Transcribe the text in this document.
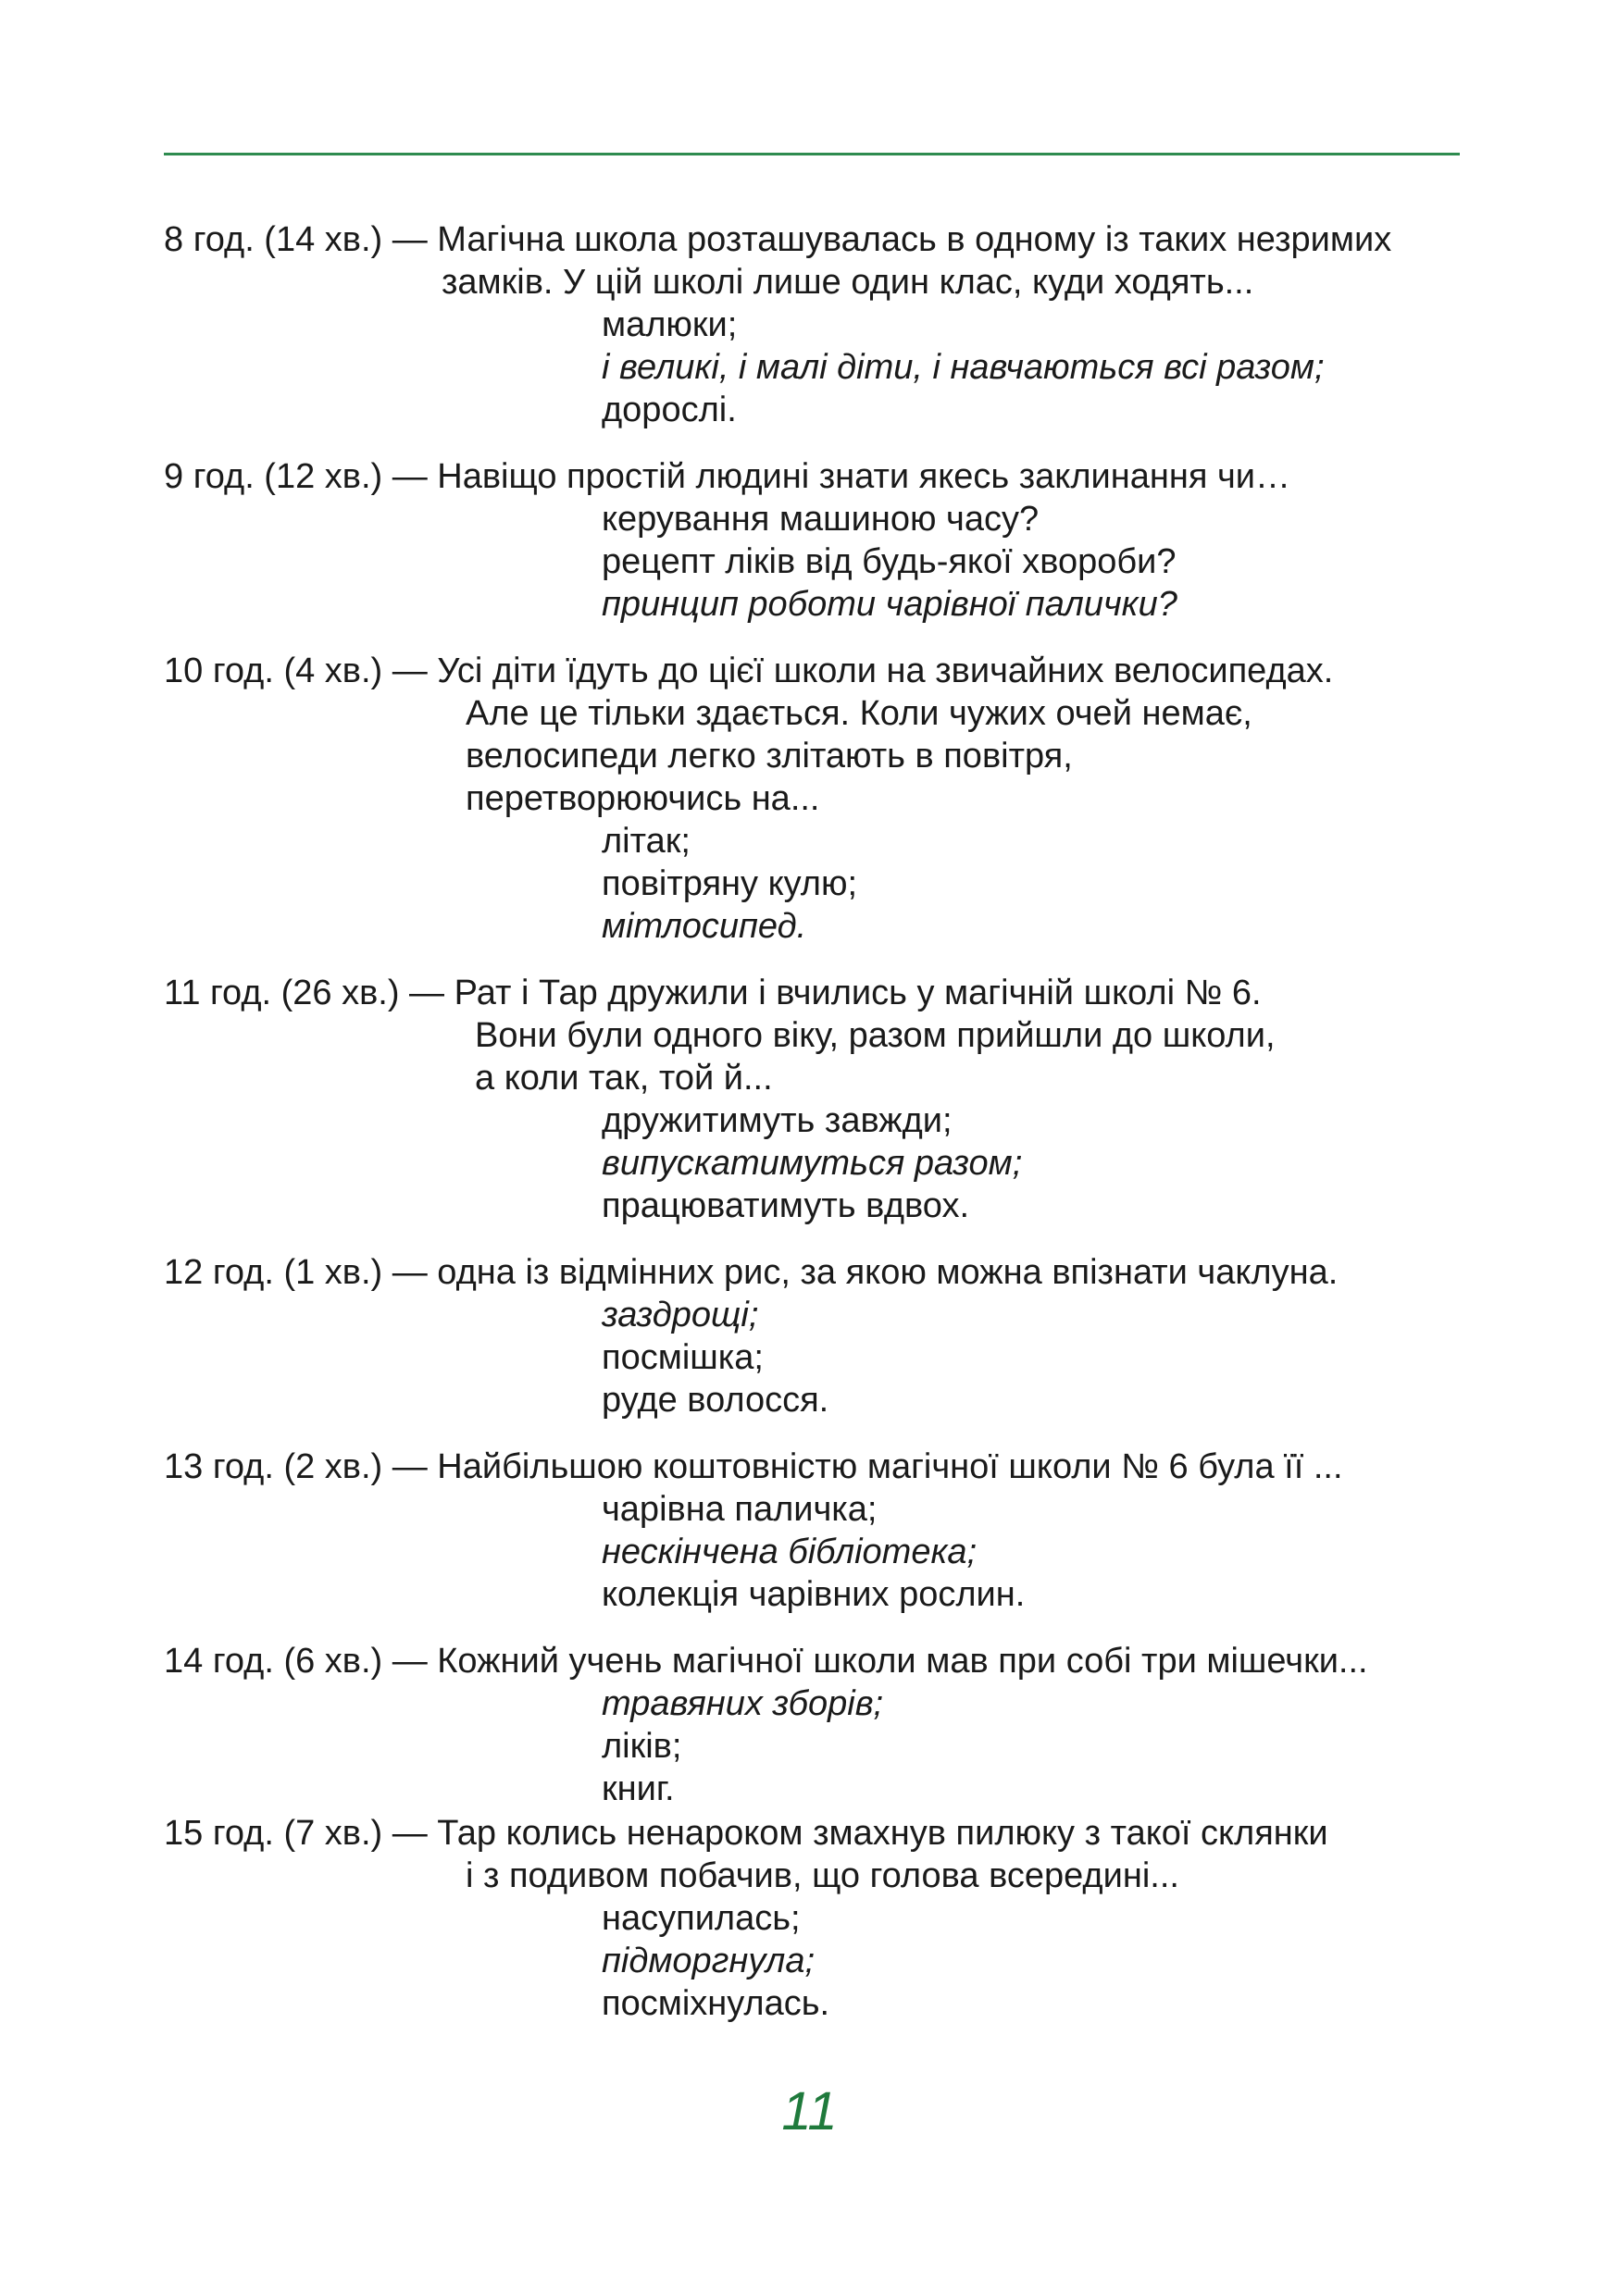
8 год. (14 хв.) — Магічна школа розташувалась в одному із таких незримих
замків. У цій школі лише один клас, куди ходять...
малюки;
і великі, і малі діти, і навчаються всі разом;
дорослі.
9 год. (12 хв.) — Навіщо простій людині знати якесь заклинання чи…
керування машиною часу?
рецепт ліків від будь-якої хвороби?
принцип роботи чарівної палички?
10 год. (4 хв.) — Усі діти їдуть до цієї школи на звичайних велосипедах.
Але це тільки здається. Коли чужих очей немає,
велосипеди легко злітають в повітря,
перетворюючись на...
літак;
повітряну кулю;
мітлосипед.
11 год. (26 хв.) — Рат і Тар дружили і вчились у магічній школі № 6.
Вони були одного віку, разом прийшли до школи,
а коли так, той й...
дружитимуть завжди;
випускатимуться разом;
працюватимуть вдвох.
12 год. (1 хв.) — одна із відмінних рис, за якою можна впізнати чаклуна.
заздрощі;
посмішка;
руде волосся.
13 год. (2 хв.) — Найбільшою коштовністю магічної школи № 6 була її ...
чарівна паличка;
нескінчена бібліотека;
колекція чарівних рослин.
14 год. (6 хв.) — Кожний учень магічної школи мав при собі три мішечки...
травяних зборів;
ліків;
книг.
15 год. (7 хв.) — Тар колись ненароком змахнув пилюку з такої склянки
і з подивом побачив, що голова всередині...
насупилась;
підморгнула;
посміхнулась.
11
